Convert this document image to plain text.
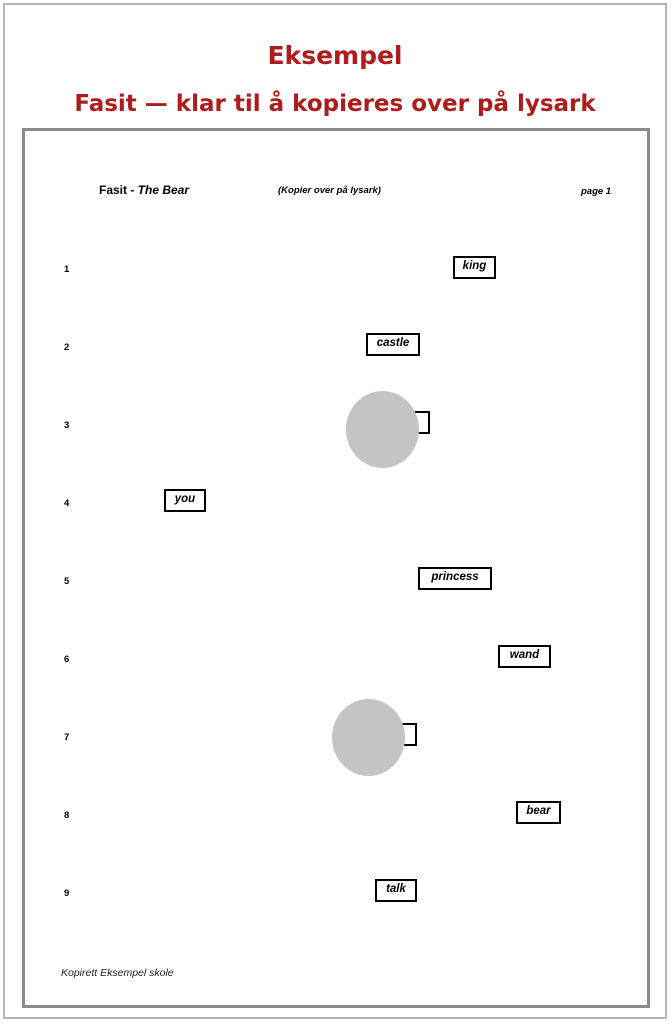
Eksempel
Fasit — klar til å kopieres over på lysark
Fasit - The Bear	(Kopier over på lysark)	page 1
1	king
2	castle
3
4	you
5	princess
6	wand
7
8	bear
9	talk
Kopirett Eksempel skole
